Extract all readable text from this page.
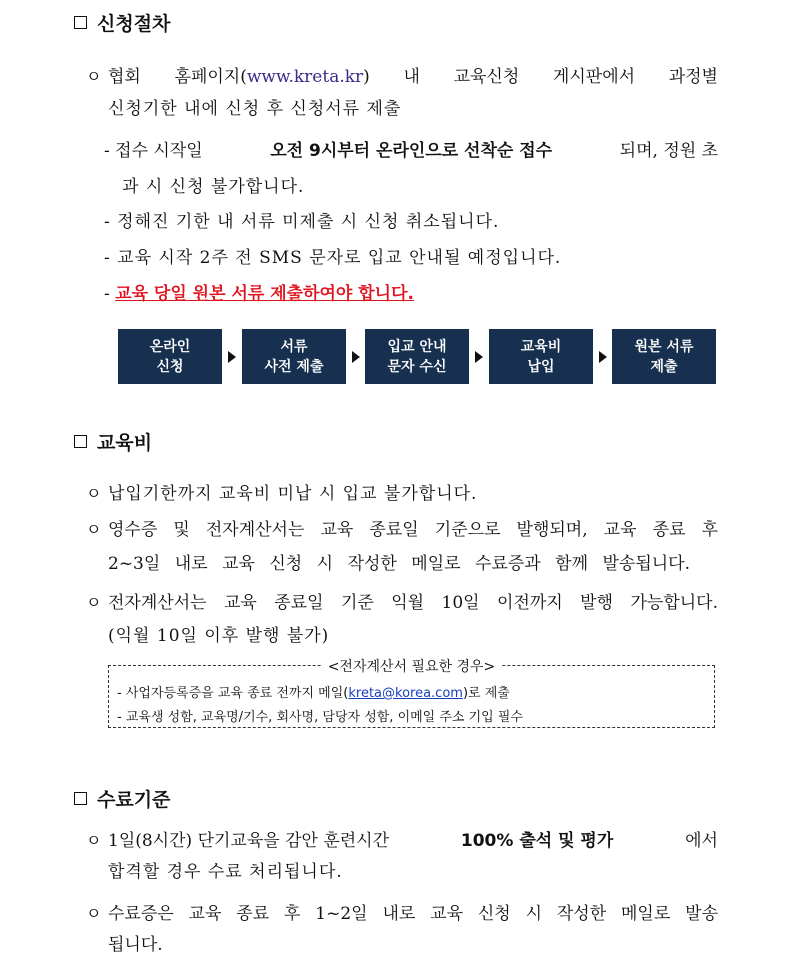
신청절차
ㅇ 협회 홈페이지(www.kreta.kr) 내 교육신청 게시판에서 과정별
신청기한 내에 신청 후 신청서류 제출
- 접수 시작일	오전 9시부터 온라인으로 선착순 접수	되며, 정원 초
과 시 신청 불가합니다.
- 정해진 기한 내 서류 미제출 시 신청 취소됩니다.
- 교육 시작 2주 전 SMS 문자로 입교 안내될 예정입니다.
- 교육 당일 원본 서류 제출하여야 합니다.
온라인
신청
서류
사전 제출
입교 안내
문자 수신
교육비
납입
원본 서류
제출
교육비
ㅇ 납입기한까지 교육비 미납 시 입교 불가합니다.
ㅇ 영수증 및 전자계산서는 교육 종료일 기준으로 발행되며, 교육 종료 후
2~3일 내로 교육 신청 시 작성한 메일로 수료증과 함께 발송됩니다.
ㅇ 전자계산서는 교육 종료일 기준 익월 10일 이전까지 발행 가능합니다.
(익월 10일 이후 발행 불가)
<전자계산서 필요한 경우>
- 사업자등록증을 교육 종료 전까지 메일(kreta@korea.com)로 제출
- 교육생 성함, 교육명/기수, 회사명, 담당자 성함, 이메일 주소 기입 필수
수료기준
ㅇ 1일(8시간) 단기교육을 감안 훈련시간	100% 출석 및 평가	에서
합격할 경우 수료 처리됩니다.
ㅇ 수료증은 교육 종료 후 1~2일 내로 교육 신청 시 작성한 메일로 발송
됩니다.
